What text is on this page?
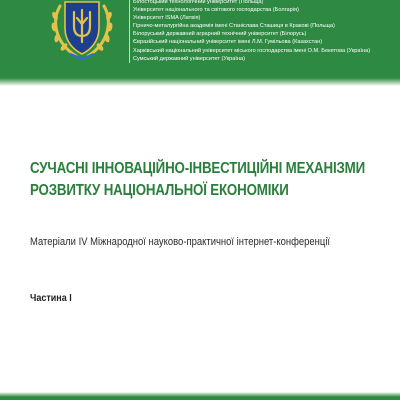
Білостоцький технологічний університет (Польща)
Університет національного та світового господарства (Болгарія)
Університет ISMA (Латвія)
Гірничо-металургійна академія імені Станіслава Сташиця в Кракові (Польща)
Білоруський державний аграрний технічний університет (Білорусь)
Євразійський національний університет імені Л.М. Гумільова (Казахстан)
Харківський національний університет міського господарства імені О.М. Бекетова (Україна)
Сумський державний університет (Україна)
СУЧАСНІ ІННОВАЦІЙНО-ІНВЕСТИЦІЙНІ МЕХАНІЗМИ
РОЗВИТКУ НАЦІОНАЛЬНОЇ ЕКОНОМІКИ

Матеріали IV Міжнародної науково-практичної інтернет-конференції

Частина І
